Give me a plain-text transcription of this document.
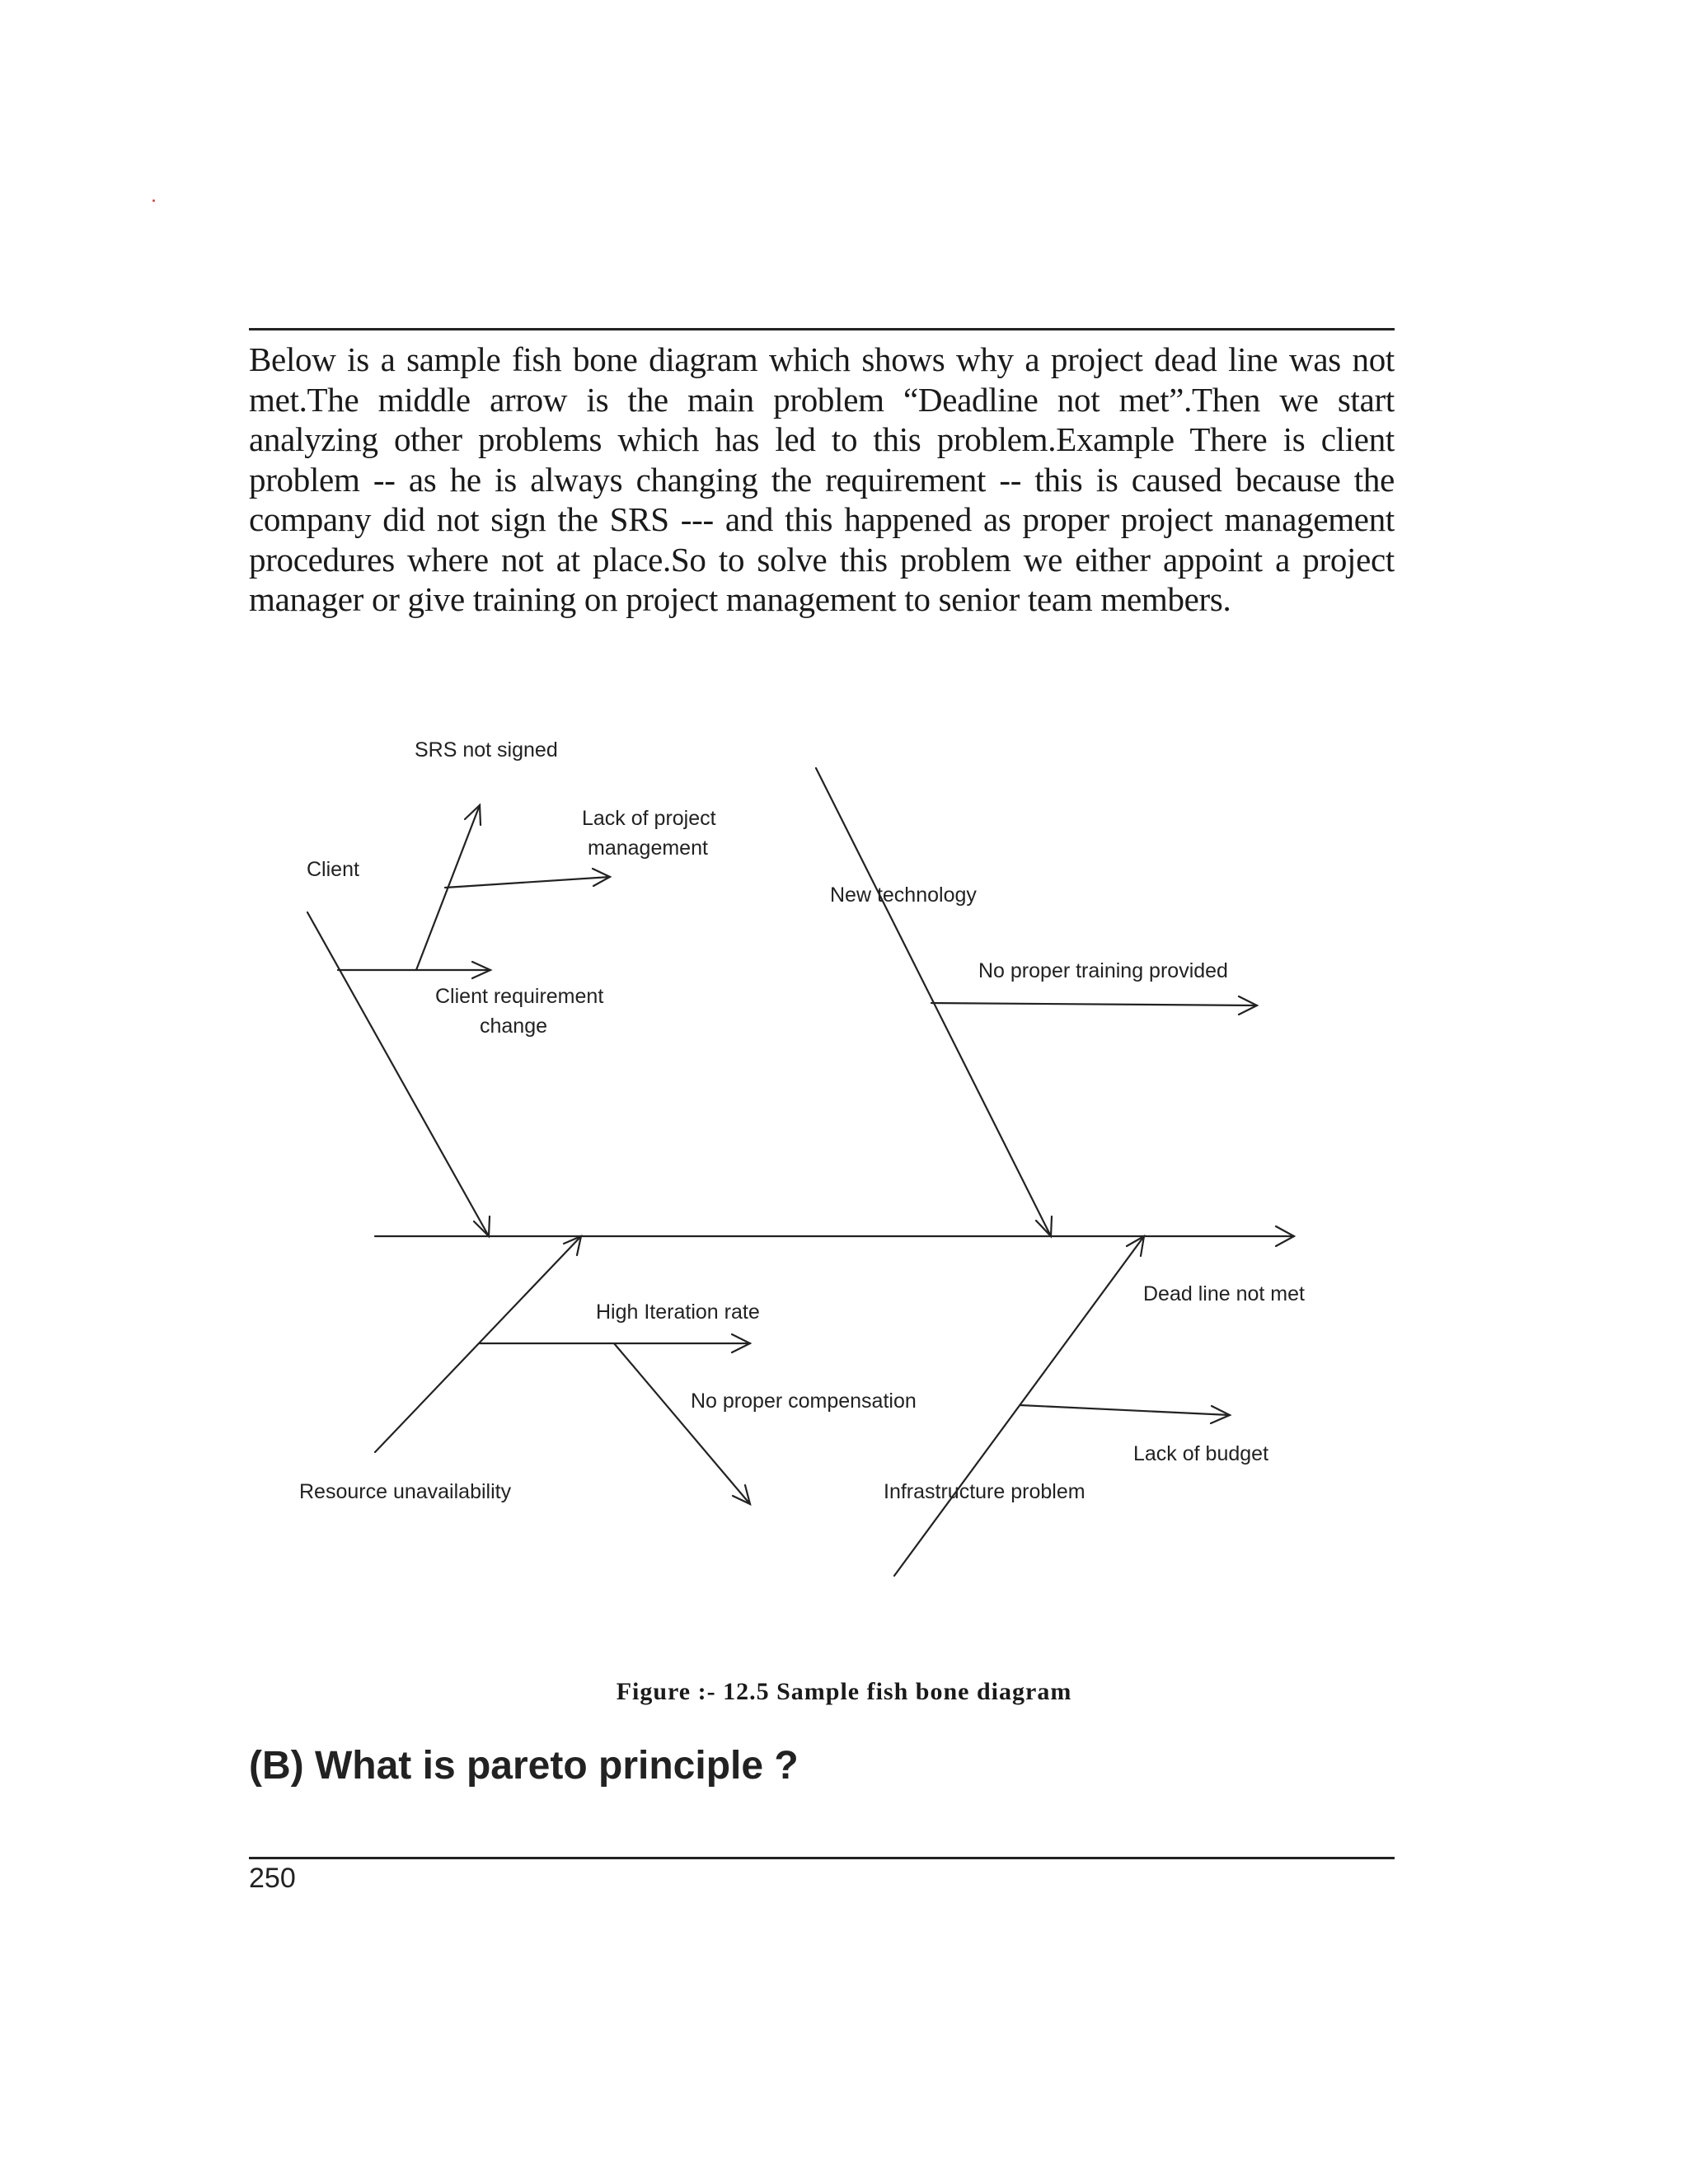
Below is a sample fish bone diagram which shows why a project dead line was not met.The middle arrow is the main problem “Deadline not met”.Then we start analyzing other problems which has led to this problem.Example There is client problem -- as he is always changing the requirement -- this is caused because the company did not sign the SRS --- and this happened as proper project management procedures where not at place.So to solve this problem we either appoint a project manager or give training on project management to senior team members.

SRS not signed
Lack of project
management
Client
Client requirement
change
New technology
No proper training provided
Dead line not met
High Iteration rate
No proper compensation
Resource unavailability	Infrastructure problem
Lack of budget
Figure :- 12.5 Sample fish bone diagram
(B) What is pareto principle ?
250
